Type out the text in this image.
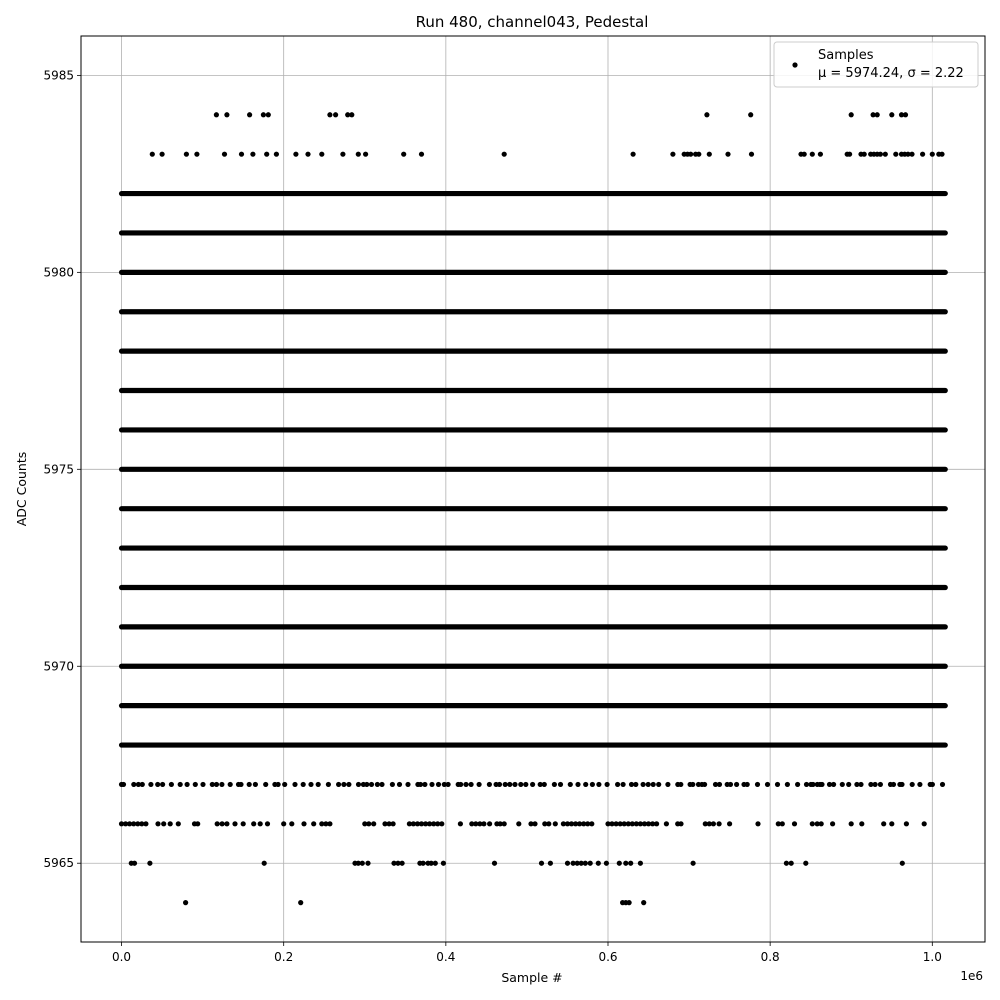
0.0	0.2	0.4	0.6	0.8	1.0
5965
5970
5975
5980
5985
Run 480, channel043, Pedestal
Sample #
ADC Counts
1e6
Samples
μ = 5974.24, σ = 2.22
